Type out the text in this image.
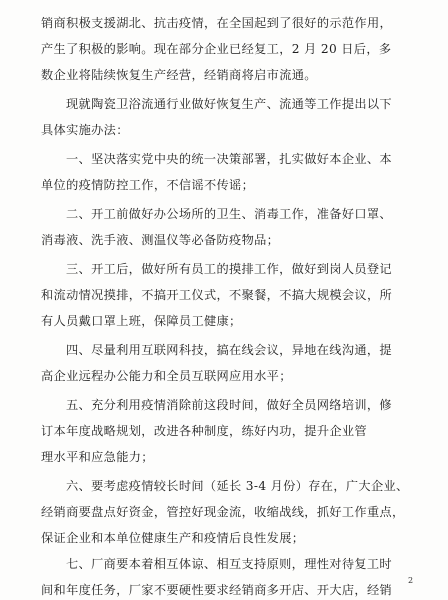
销商积极支援湖北、抗击疫情，在全国起到了很好的示范作用，
产生了积极的影响。现在部分企业已经复工，2 月 20 日后，多
数企业将陆续恢复生产经营，经销商将启市流通。
现就陶瓷卫浴流通行业做好恢复生产、流通等工作提出以下
具体实施办法：
一、坚决落实党中央的统一决策部署，扎实做好本企业、本
单位的疫情防控工作，不信谣不传谣；
二、开工前做好办公场所的卫生、消毒工作，准备好口罩、
消毒液、洗手液、测温仪等必备防疫物品；
三、开工后，做好所有员工的摸排工作，做好到岗人员登记
和流动情况摸排，不搞开工仪式，不聚餐，不搞大规模会议，所
有人员戴口罩上班，保障员工健康；
四、尽量利用互联网科技，搞在线会议，异地在线沟通，提
高企业远程办公能力和全员互联网应用水平；
五、充分利用疫情消除前这段时间，做好全员网络培训，修
订本年度战略规划，改进各种制度，练好内功，提升企业管
理水平和应急能力；
六、要考虑疫情较长时间（延长 3-4 月份）存在，广大企业、
经销商要盘点好资金，管控好现金流，收缩战线，抓好工作重点，
保证企业和本单位健康生产和疫情后良性发展；
七、厂商要本着相互体谅、相互支持原则，理性对待复工时
间和年度任务，厂家不要硬性要求经销商多开店、开大店，经销
2
